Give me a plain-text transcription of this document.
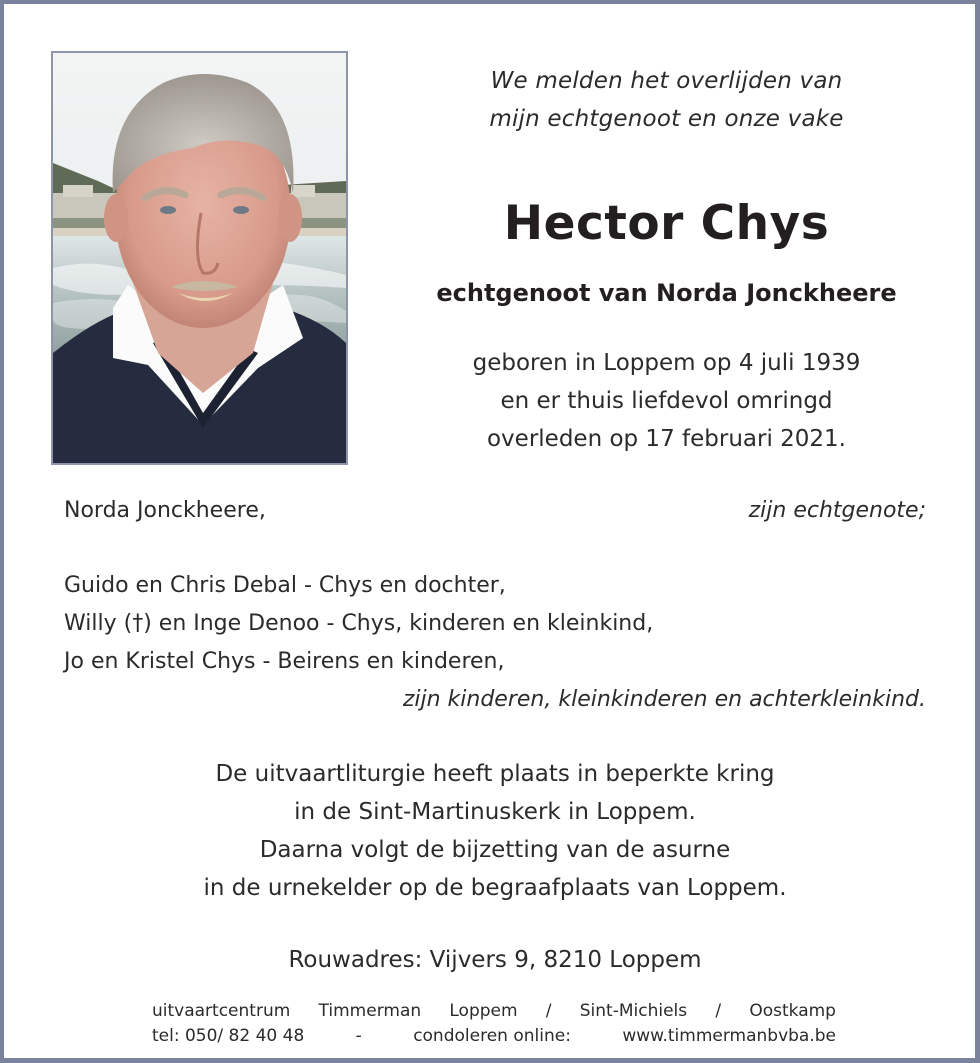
We melden het overlijden van
mijn echtgenoot en onze vake
Hector Chys
echtgenoot van Norda Jonckheere
geboren in Loppem op 4 juli 1939
en er thuis liefdevol omringd
overleden op 17 februari 2021.
Norda Jonckheere,	zijn echtgenote;
Guido en Chris Debal - Chys en dochter,
Willy (†) en Inge Denoo - Chys, kinderen en kleinkind,
Jo en Kristel Chys - Beirens en kinderen,
zijn kinderen, kleinkinderen en achterkleinkind.
De uitvaartliturgie heeft plaats in beperkte kring
in de Sint-Martinuskerk in Loppem.
Daarna volgt de bijzetting van de asurne
in de urnekelder op de begraafplaats van Loppem.
Rouwadres: Vijvers 9, 8210 Loppem
uitvaartcentrum Timmerman Loppem / Sint-Michiels / Oostkamp
tel: 050/ 82 40 48	-	condoleren online:	www.timmermanbvba.be
